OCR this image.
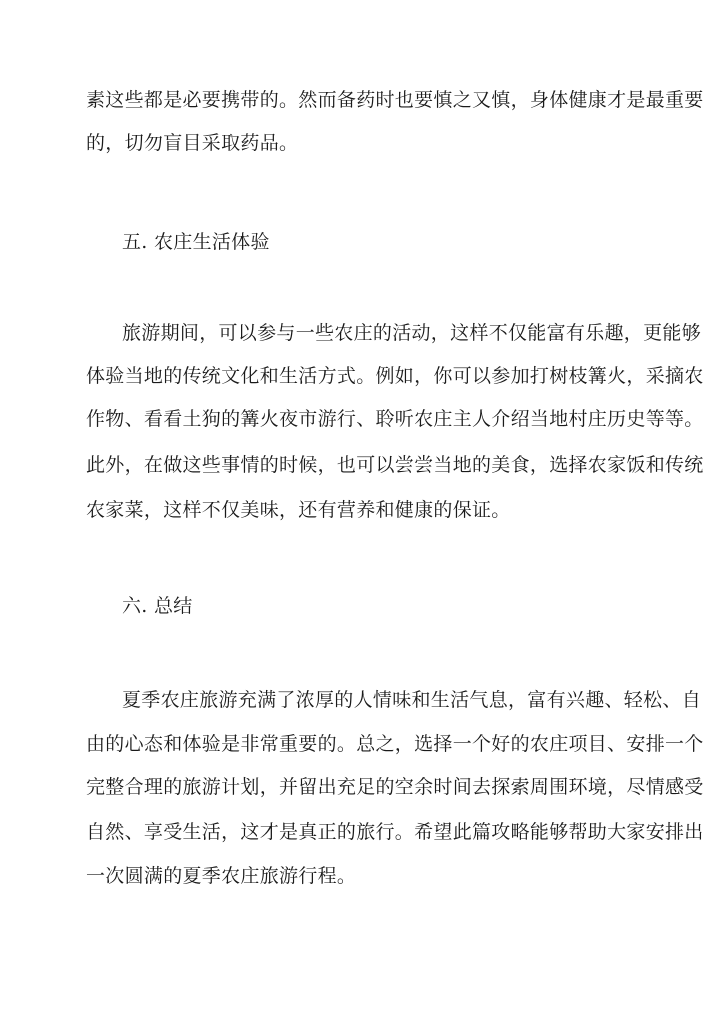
素这些都是必要携带的。然而备药时也要慎之又慎，身体健康才是最重要
的，切勿盲目采取药品。
五. 农庄生活体验
旅游期间，可以参与一些农庄的活动，这样不仅能富有乐趣，更能够
体验当地的传统文化和生活方式。例如，你可以参加打树枝篝火，采摘农
作物、看看土狗的篝火夜市游行、聆听农庄主人介绍当地村庄历史等等。
此外，在做这些事情的时候，也可以尝尝当地的美食，选择农家饭和传统
农家菜，这样不仅美味，还有营养和健康的保证。
六. 总结
夏季农庄旅游充满了浓厚的人情味和生活气息，富有兴趣、轻松、自
由的心态和体验是非常重要的。总之，选择一个好的农庄项目、安排一个
完整合理的旅游计划，并留出充足的空余时间去探索周围环境，尽情感受
自然、享受生活，这才是真正的旅行。希望此篇攻略能够帮助大家安排出
一次圆满的夏季农庄旅游行程。
